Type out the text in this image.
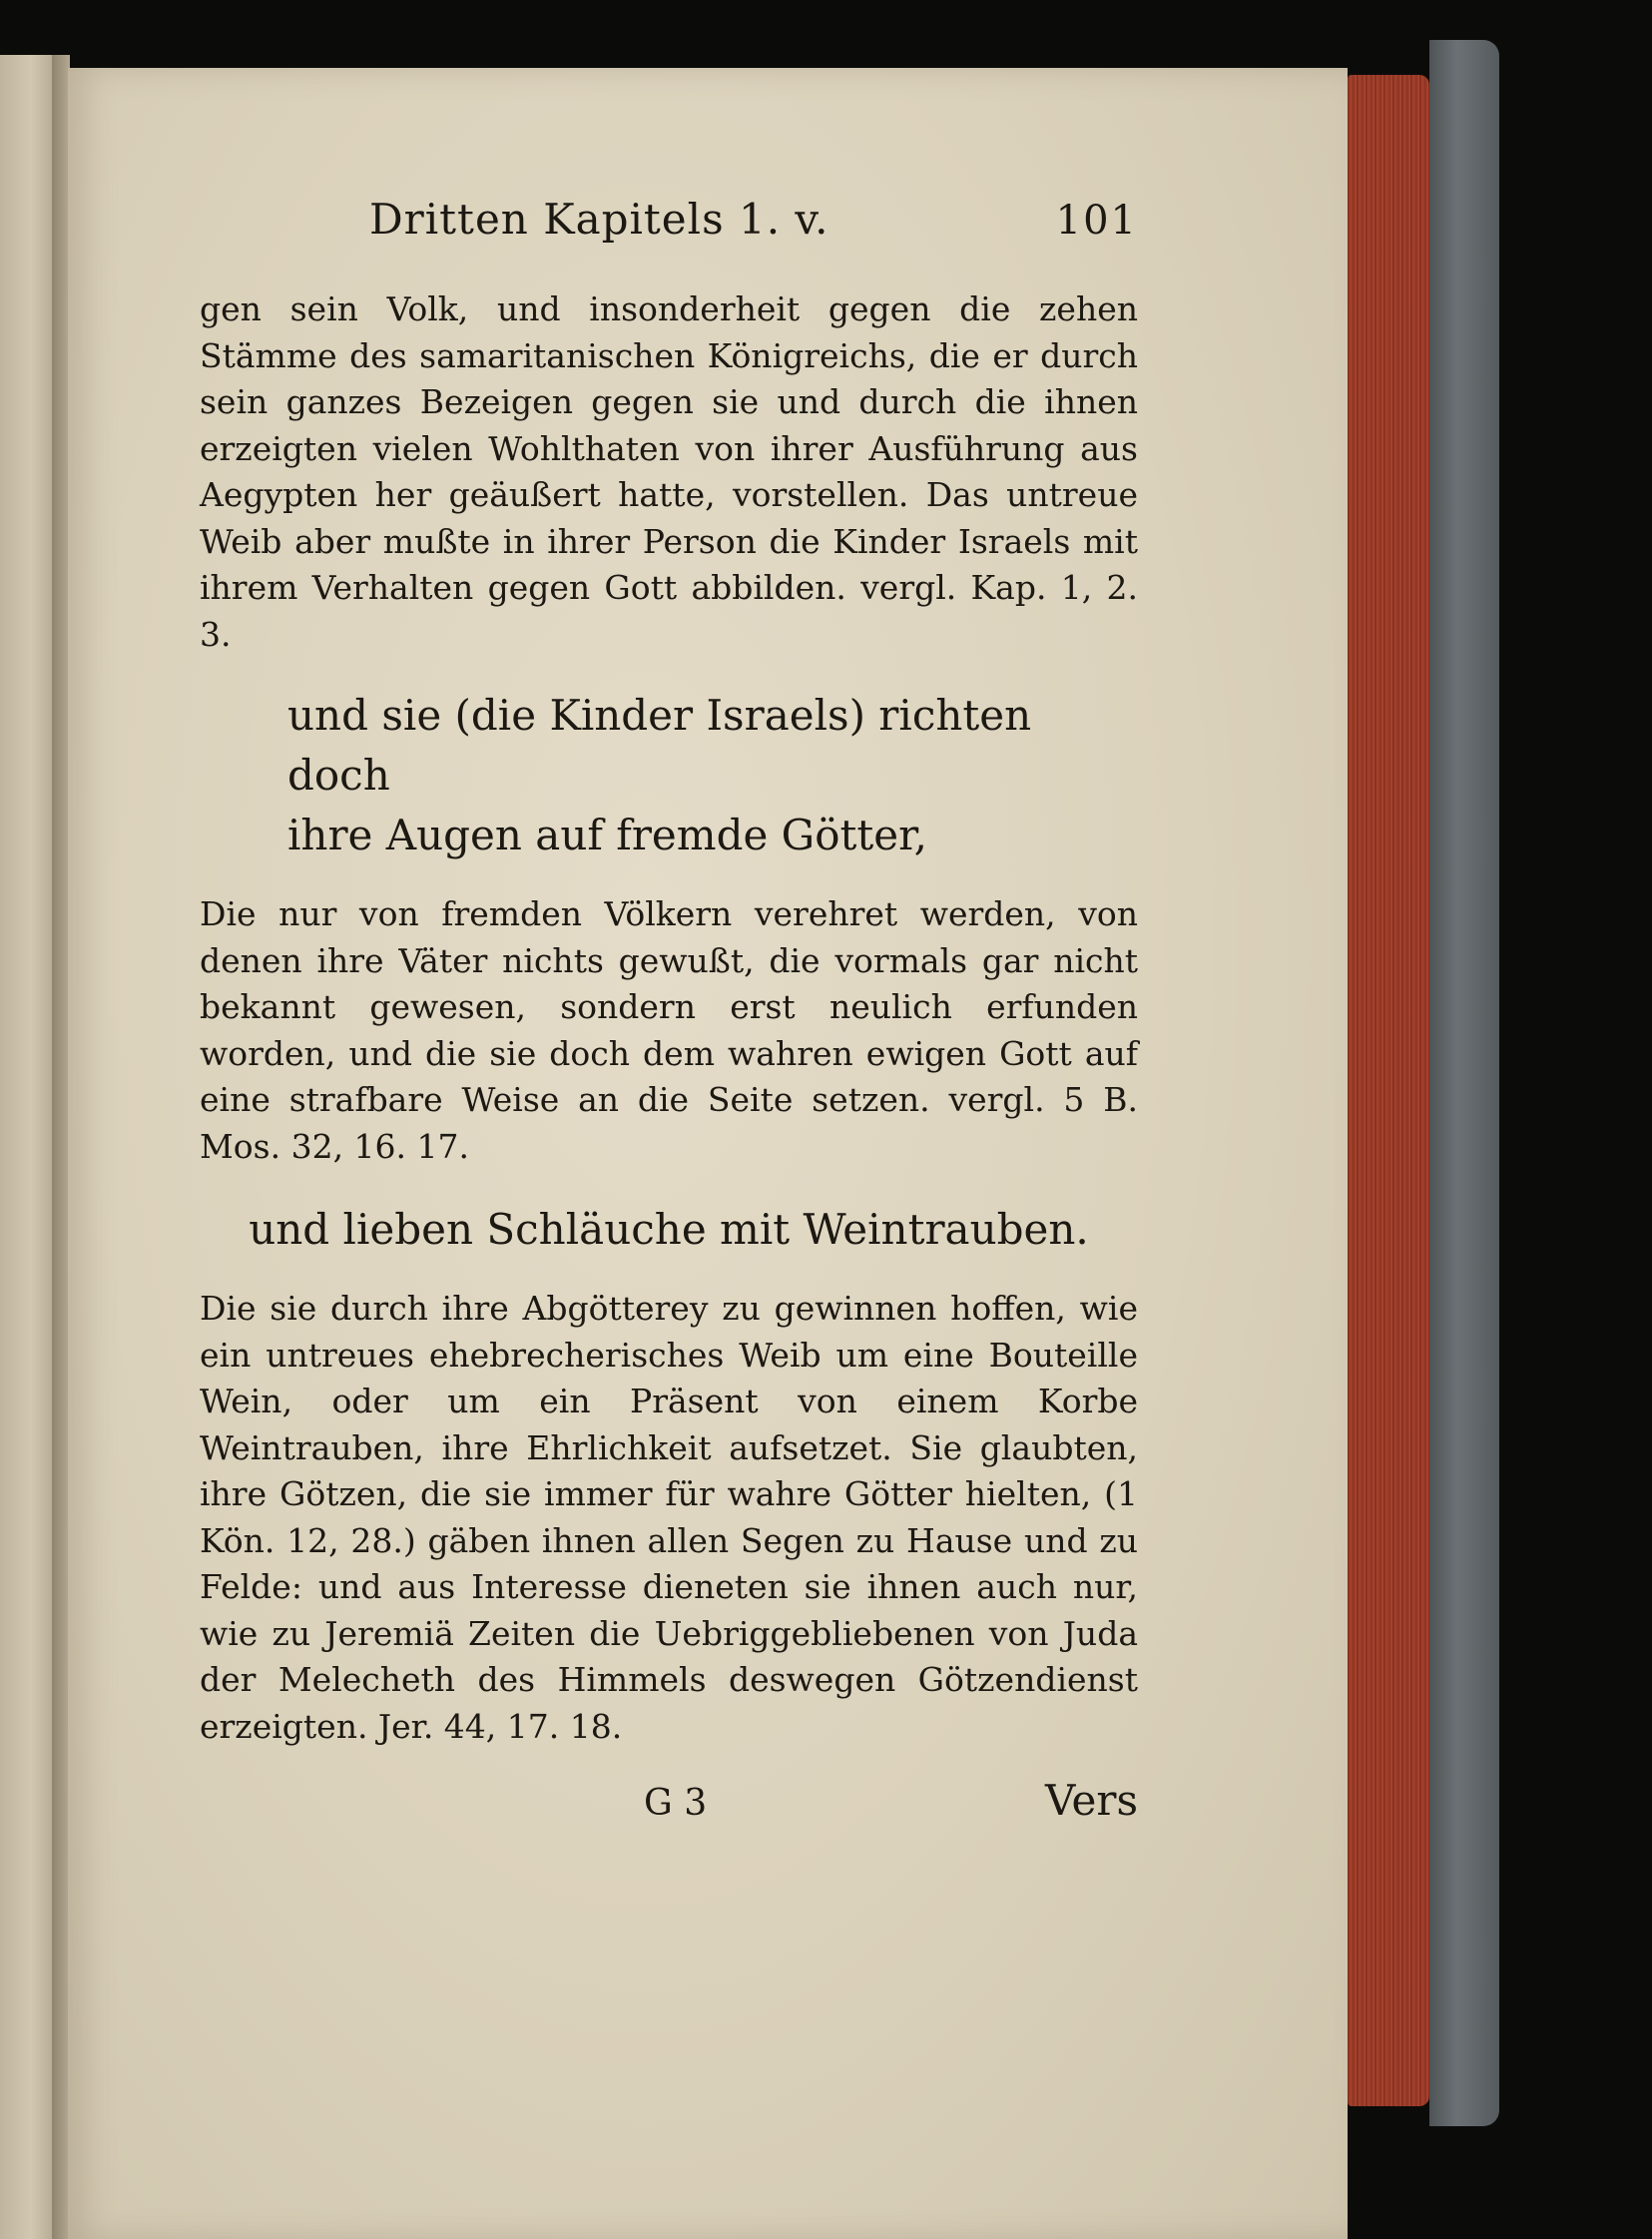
Dritten Kapitels 1. v.	101

gen sein Volk, und insonderheit gegen die zehen Stämme des samaritanischen Königreichs, die er durch sein ganzes Bezeigen gegen sie und durch die ihnen erzeigten vielen Wohlthaten von ihrer Ausführung aus Aegypten her geäußert hatte, vorstellen. Das untreue Weib aber mußte in ihrer Person die Kinder Israels mit ihrem Verhalten gegen Gott abbilden. vergl. Kap. 1, 2. 3.

und sie (die Kinder Israels) richten doch
ihre Augen auf fremde Götter,

Die nur von fremden Völkern verehret werden, von denen ihre Väter nichts gewußt, die vormals gar nicht bekannt gewesen, sondern erst neulich erfunden worden, und die sie doch dem wahren ewigen Gott auf eine strafbare Weise an die Seite setzen. vergl. 5 B. Mos. 32, 16. 17.

und lieben Schläuche mit Weintrauben.

Die sie durch ihre Abgötterey zu gewinnen hoffen, wie ein untreues ehebrecherisches Weib um eine Bouteille Wein, oder um ein Präsent von einem Korbe Weintrauben, ihre Ehrlichkeit aufsetzet. Sie glaubten, ihre Götzen, die sie immer für wahre Götter hielten, (1 Kön. 12, 28.) gäben ihnen allen Segen zu Hause und zu Felde: und aus Interesse dieneten sie ihnen auch nur, wie zu Jeremiä Zeiten die Uebriggebliebenen von Juda der Melecheth des Himmels deswegen Götzendienst erzeigten. Jer. 44, 17. 18.

G 3	Vers
